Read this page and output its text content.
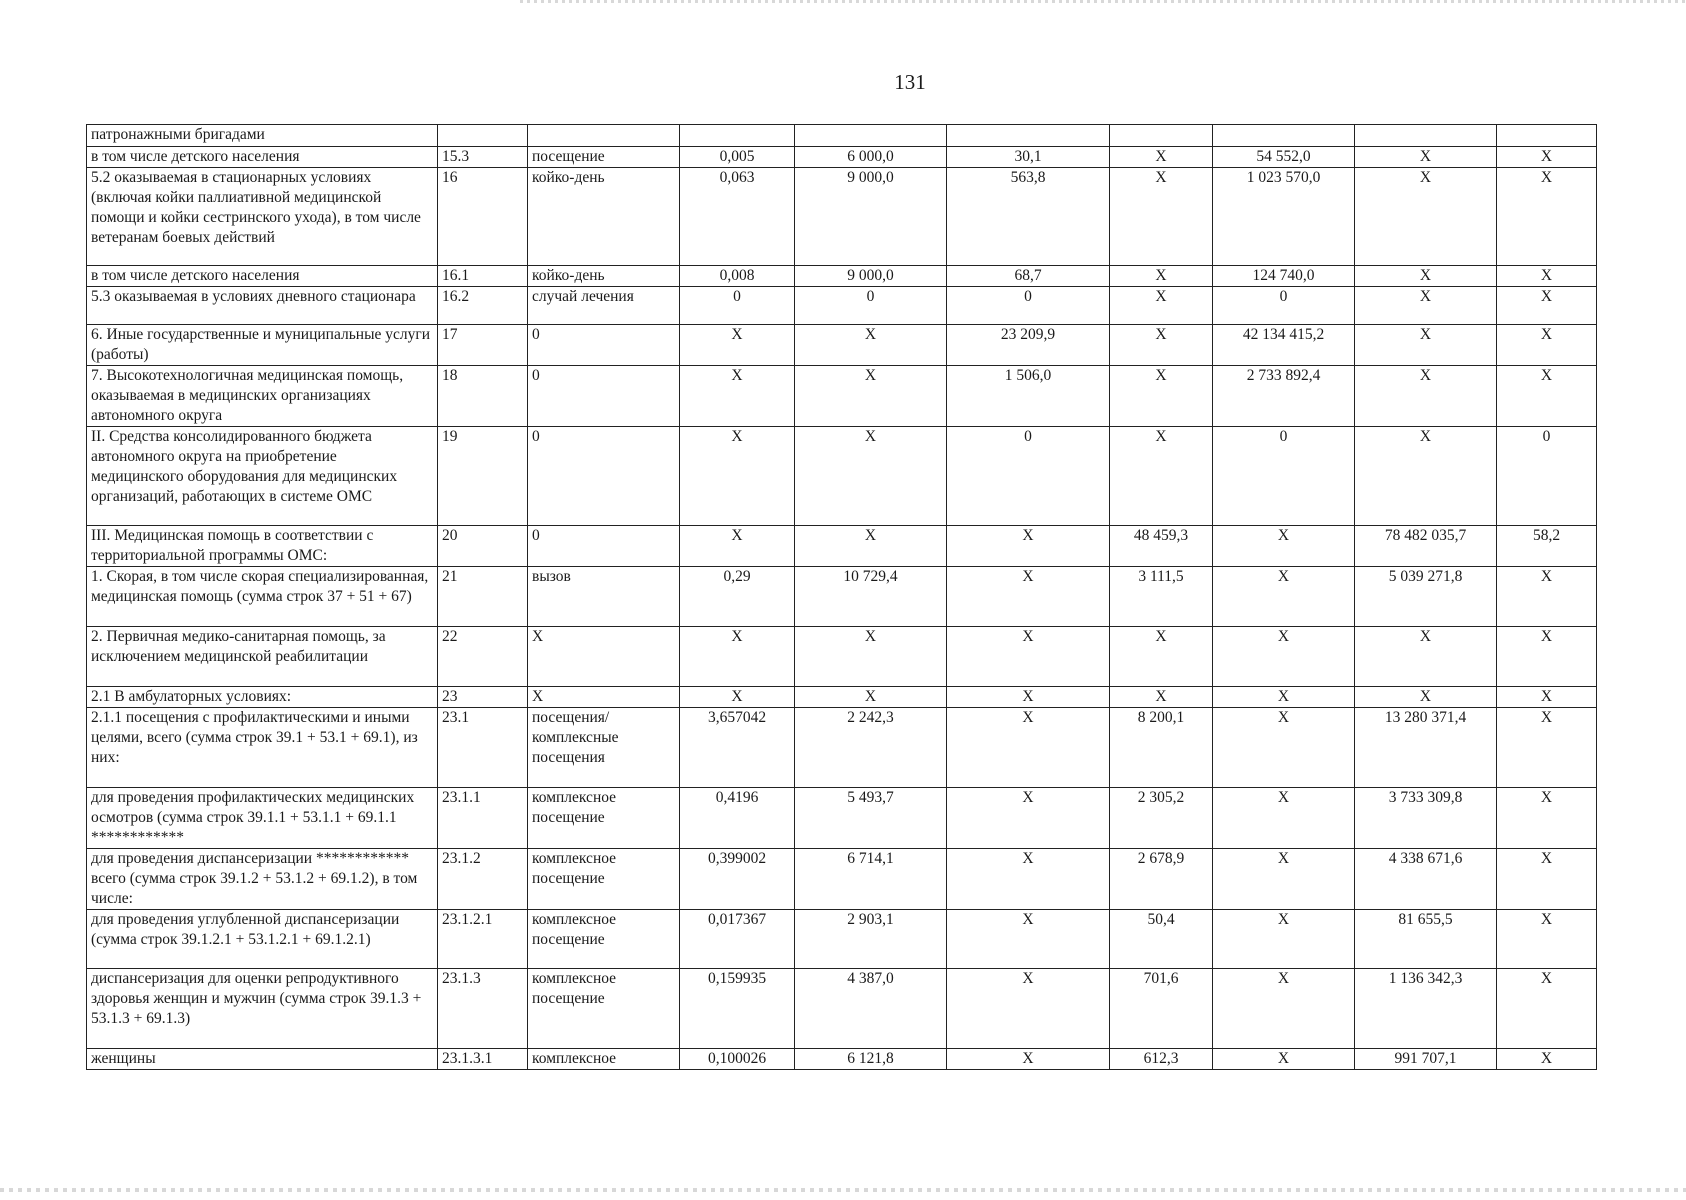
131
патронажными бригадами									
в том числе детского населения	15.3	посещение	0,005	6 000,0	30,1	X	54 552,0	X	X
5.2 оказываемая в стационарных условиях (включая койки паллиативной медицинской помощи и койки сестринского ухода), в том числе ветеранам боевых действий	16	койко-день	0,063	9 000,0	563,8	X	1 023 570,0	X	X
в том числе детского населения	16.1	койко-день	0,008	9 000,0	68,7	X	124 740,0	X	X
5.3 оказываемая в условиях дневного стационара	16.2	случай лечения	0	0	0	X	0	X	X
6. Иные государственные и муниципальные услуги (работы)	17	0	X	X	23 209,9	X	42 134 415,2	X	X
7. Высокотехнологичная медицинская помощь, оказываемая в медицинских организациях автономного округа	18	0	X	X	1 506,0	X	2 733 892,4	X	X
II. Средства консолидированного бюджета автономного округа на приобретение медицинского оборудования для медицинских организаций, работающих в системе ОМС	19	0	X	X	0	X	0	X	0
III. Медицинская помощь в соответствии с территориальной программы ОМС:	20	0	X	X	X	48 459,3	X	78 482 035,7	58,2
1. Скорая, в том числе скорая специализированная, медицинская помощь (сумма строк 37 + 51 + 67)	21	вызов	0,29	10 729,4	X	3 111,5	X	5 039 271,8	X
2. Первичная медико-санитарная помощь, за исключением медицинской реабилитации	22	X	X	X	X	X	X	X	X
2.1 В амбулаторных условиях:	23	X	X	X	X	X	X	X	X
2.1.1 посещения с профилактическими и иными целями, всего (сумма строк 39.1 + 53.1 + 69.1), из них:	23.1	посещения/комплексные посещения	3,657042	2 242,3	X	8 200,1	X	13 280 371,4	X
для проведения профилактических медицинских осмотров (сумма строк 39.1.1 + 53.1.1 + 69.1.1 ************	23.1.1	комплексное посещение	0,4196	5 493,7	X	2 305,2	X	3 733 309,8	X
для проведения диспансеризации ************ всего (сумма строк 39.1.2 + 53.1.2 + 69.1.2), в том числе:	23.1.2	комплексное посещение	0,399002	6 714,1	X	2 678,9	X	4 338 671,6	X
для проведения углубленной диспансеризации (сумма строк 39.1.2.1 + 53.1.2.1 + 69.1.2.1)	23.1.2.1	комплексное посещение	0,017367	2 903,1	X	50,4	X	81 655,5	X
диспансеризация для оценки репродуктивного здоровья женщин и мужчин (сумма строк 39.1.3 + 53.1.3 + 69.1.3)	23.1.3	комплексное посещение	0,159935	4 387,0	X	701,6	X	1 136 342,3	X
женщины	23.1.3.1	комплексное	0,100026	6 121,8	X	612,3	X	991 707,1	X
